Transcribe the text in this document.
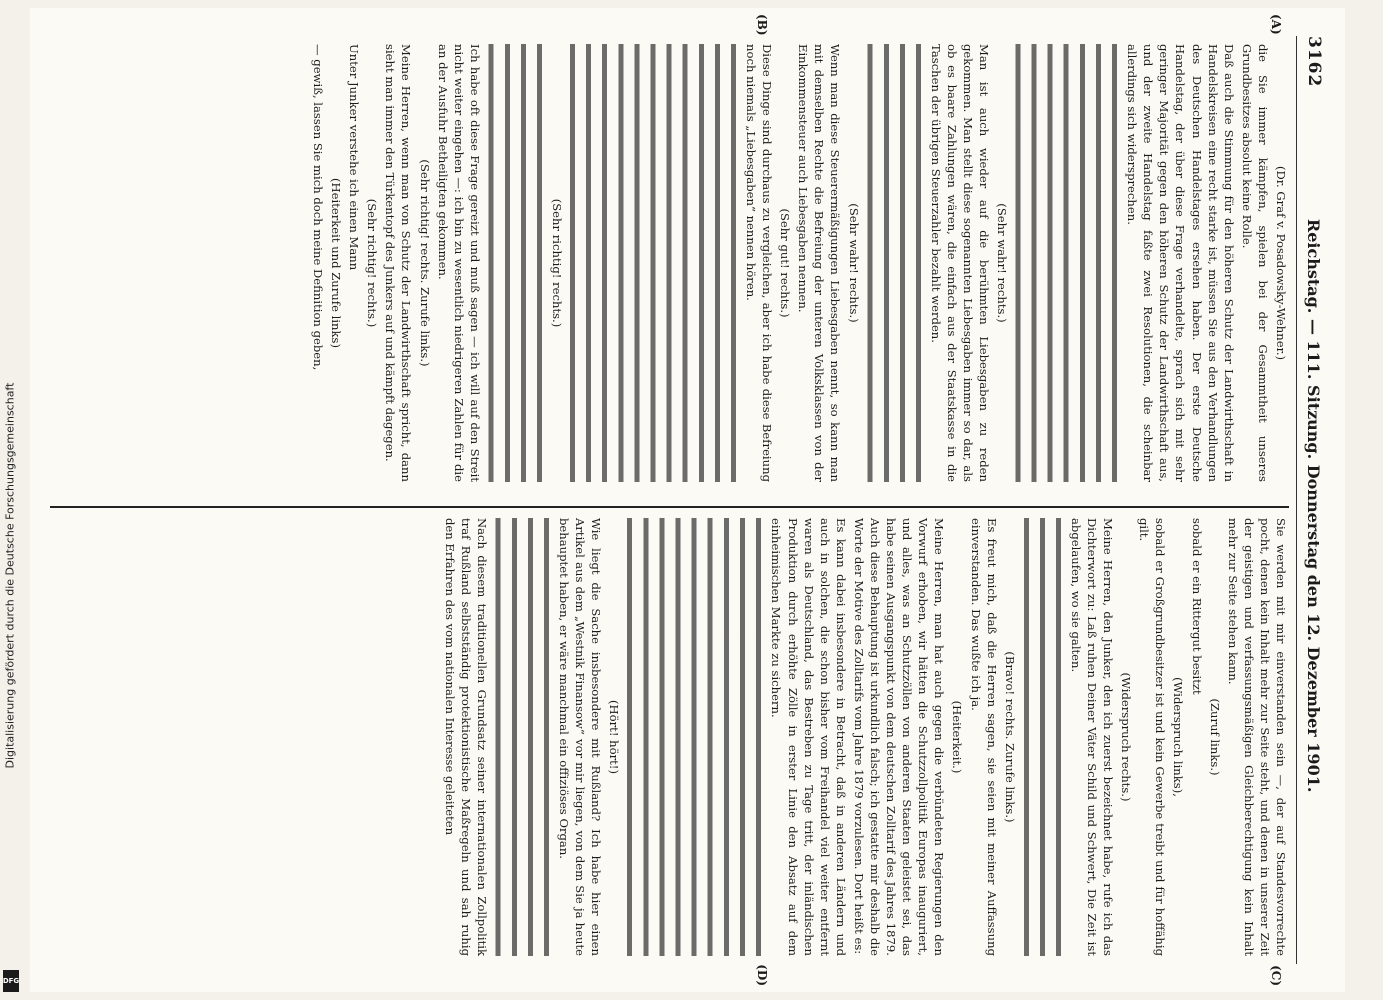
3162
Reichstag. — 111. Sitzung. Donnerstag den 12. Dezember 1901.
(A)
(B)
(C)
(D)

(Dr. Graf v. Posadowsky-Wehner.)

die Sie immer kämpfen, spielen bei der Gesammtheit unseres Grundbesitzes absolut keine Rolle.

Daß auch die Stimmung für den höheren Schutz der Landwirthschaft in Handelskreisen eine recht starke ist, müssen Sie aus den Verhandlungen des Deutschen Handelstages ersehen haben. Der erste Deutsche Handelstag, der über diese Frage verhandelte, sprach sich mit sehr geringer Majorität gegen den höheren Schutz der Landwirthschaft aus, und der zweite Handelstag faßte zwei Resolutionen, die scheinbar allerdings sich widersprechen.

(Sehr wahr! rechts.)

Man ist auch wieder auf die berühmten Liebesgaben zu reden gekommen. Man stellt diese sogenannten Liebesgaben immer so dar, als ob es baare Zahlungen wären, die einfach aus der Staatskasse in die Taschen der übrigen Steuerzahler bezahlt werden.

(Sehr wahr! rechts.)

Wenn man diese Steuerermäßigungen Liebesgaben nennt, so kann man mit demselben Rechte die Befreiung der unteren Volksklassen von der Einkommensteuer auch Liebesgaben nennen.

(Sehr gut! rechts.)

Diese Dinge sind durchaus zu vergleichen, aber ich habe diese Befreiung noch niemals „Liebesgaben“ nennen hören.

(Sehr richtig! rechts.)

Ich habe oft diese Frage gereizt und muß sagen — ich will auf den Streit nicht weiter eingehen —: ich bin zu wesentlich niedrigeren Zahlen für die an der Ausfuhr Betheiligten gekommen.

(Sehr richtig! rechts. Zurufe links.)

Meine Herren, wenn man von Schutz der Landwirthschaft spricht, dann sieht man immer den Türkentopf des Junkers auf und kämpft dagegen.

(Sehr richtig! rechts.)

Unter Junker verstehe ich einen Mann

(Heiterkeit und Zurufe links)

— gewiß, lassen Sie mich doch meine Definition geben,

Sie werden mit mir einverstanden sein —, der auf Standesvorrechte pocht, denen kein Inhalt mehr zur Seite steht, und denen in unserer Zeit der geistigen und verfassungsmäßigen Gleichberechtigung kein Inhalt mehr zur Seite stehen kann.

(Zuruf links.)

sobald er ein Rittergut besitzt

(Widerspruch links),

sobald er Großgrundbesitzer ist und kein Gewerbe treibt und für hoffähig gilt.

(Widerspruch rechts.)

Meine Herren, den Junker, den ich zuerst bezeichnet habe, rufe ich das Dichterwort zu: Laß ruhen Deiner Väter Schild und Schwert, Die Zeit ist abgelaufen, wo sie galten.

(Bravo! rechts. Zurufe links.)

Es freut mich, daß die Herren sagen, sie seien mit meiner Auffassung einverstanden. Das wußte ich ja.

(Heiterkeit.)

Meine Herren, man hat auch gegen die verbündeten Regierungen den Vorwurf erhoben, wir hätten die Schutzzollpolitik Europas inauguriert, und alles, was an Schutzzöllen von anderen Staaten geleistet sei, das habe seinen Ausgangspunkt von dem deutschen Zolltarif des Jahres 1879. Auch diese Behauptung ist urkundlich falsch; ich gestatte mir deshalb die Worte der Motive des Zolltarifs vom Jahre 1879 vorzulesen. Dort heißt es:

Es kann dabei insbesondere in Betracht, daß in anderen Ländern und auch in solchen, die schon bisher vom Freihandel viel weiter entfernt waren als Deutschland, das Bestreben zu Tage tritt, der inländischen Produktion durch erhöhte Zölle in erster Linie den Absatz auf dem einheimischen Markte zu sichern.

(Hört! hört!)

Wie liegt die Sache insbesondere mit Rußland? Ich habe hier einen Artikel aus dem „Westnik Finansow“ vor mir liegen, von dem Sie ja heute behauptet haben, er wäre manchmal ein offiziöses Organ.

Nach diesem traditionellen Grundsatz seiner internationalen Zollpolitik traf Rußland selbstständig protektionistische Maßregeln und sah ruhig den Erfahren des vom nationalen Interesse geleiteten

Digitalisierung gefördert durch die Deutsche Forschungsgemeinschaft
DFG
